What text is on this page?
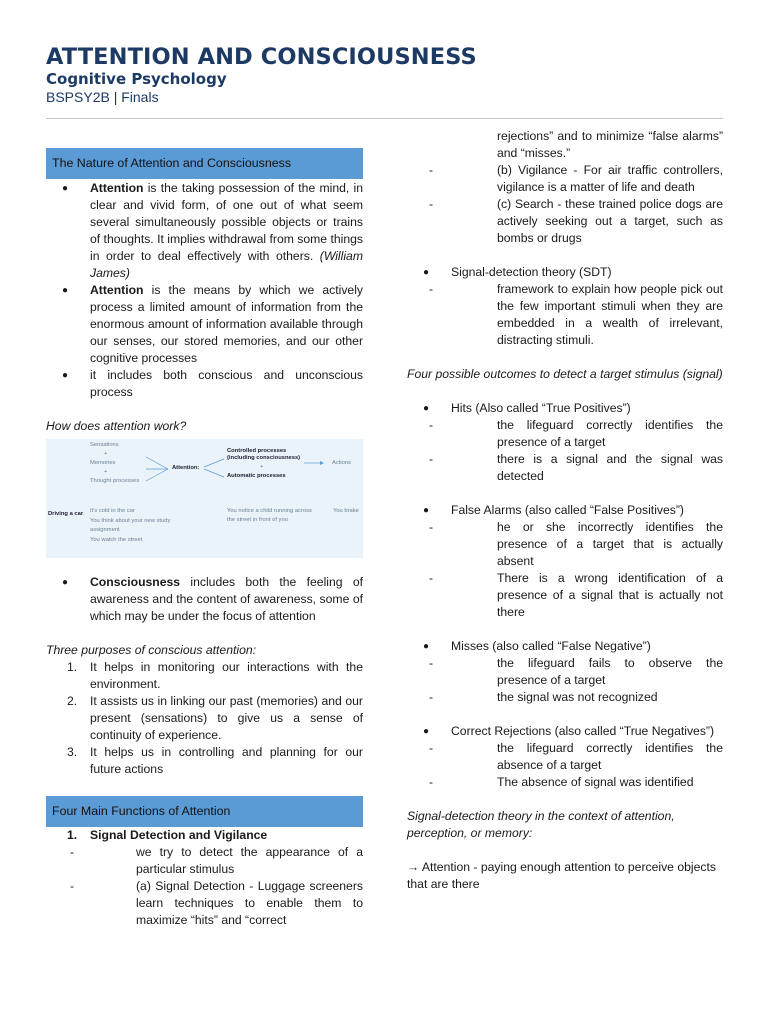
ATTENTION AND CONSCIOUSNESS
Cognitive Psychology
BSPSY2B | Finals
The Nature of Attention and Consciousness
● Attention is the taking possession of the mind, in clear and vivid form, of one out of what seem several simultaneously possible objects or trains of thoughts. It implies withdrawal from some things in order to deal effectively with others. (William James)
● Attention is the means by which we actively process a limited amount of information from the enormous amount of information available through our senses, our stored memories, and our other cognitive processes
● it includes both conscious and unconscious process
How does attention work?
Sensations
+
Memories
+
Thought processes
Attention:
Controlled processes
(including consciousness)
+
Automatic processes
Actions
Driving a car It's cold in the car
You think about your new study
assignment
You watch the street
You notice a child running across
the street in front of you
You brake
● Consciousness includes both the feeling of awareness and the content of awareness, some of which may be under the focus of attention
Three purposes of conscious attention:
1. It helps in monitoring our interactions with the environment.
2. It assists us in linking our past (memories) and our present (sensations) to give us a sense of continuity of experience.
3. It helps us in controlling and planning for our future actions
Four Main Functions of Attention
1. Signal Detection and Vigilance
- we try to detect the appearance of a particular stimulus
- (a) Signal Detection - Luggage screeners learn techniques to enable them to maximize “hits” and “correct
rejections” and to minimize “false alarms” and “misses.”
- (b) Vigilance - For air traffic controllers, vigilance is a matter of life and death
- (c) Search - these trained police dogs are actively seeking out a target, such as bombs or drugs
● Signal-detection theory (SDT)
- framework to explain how people pick out the few important stimuli when they are embedded in a wealth of irrelevant, distracting stimuli.
Four possible outcomes to detect a target stimulus (signal)
● Hits (Also called “True Positives”)
- the lifeguard correctly identifies the presence of a target
- there is a signal and the signal was detected
● False Alarms (also called “False Positives”)
- he or she incorrectly identifies the presence of a target that is actually absent
- There is a wrong identification of a presence of a signal that is actually not there
● Misses (also called “False Negative”)
- the lifeguard fails to observe the presence of a target
- the signal was not recognized
● Correct Rejections (also called “True Negatives”)
- the lifeguard correctly identifies the absence of a target
- The absence of signal was identified
Signal-detection theory in the context of attention, perception, or memory:
→ Attention - paying enough attention to perceive objects that are there
